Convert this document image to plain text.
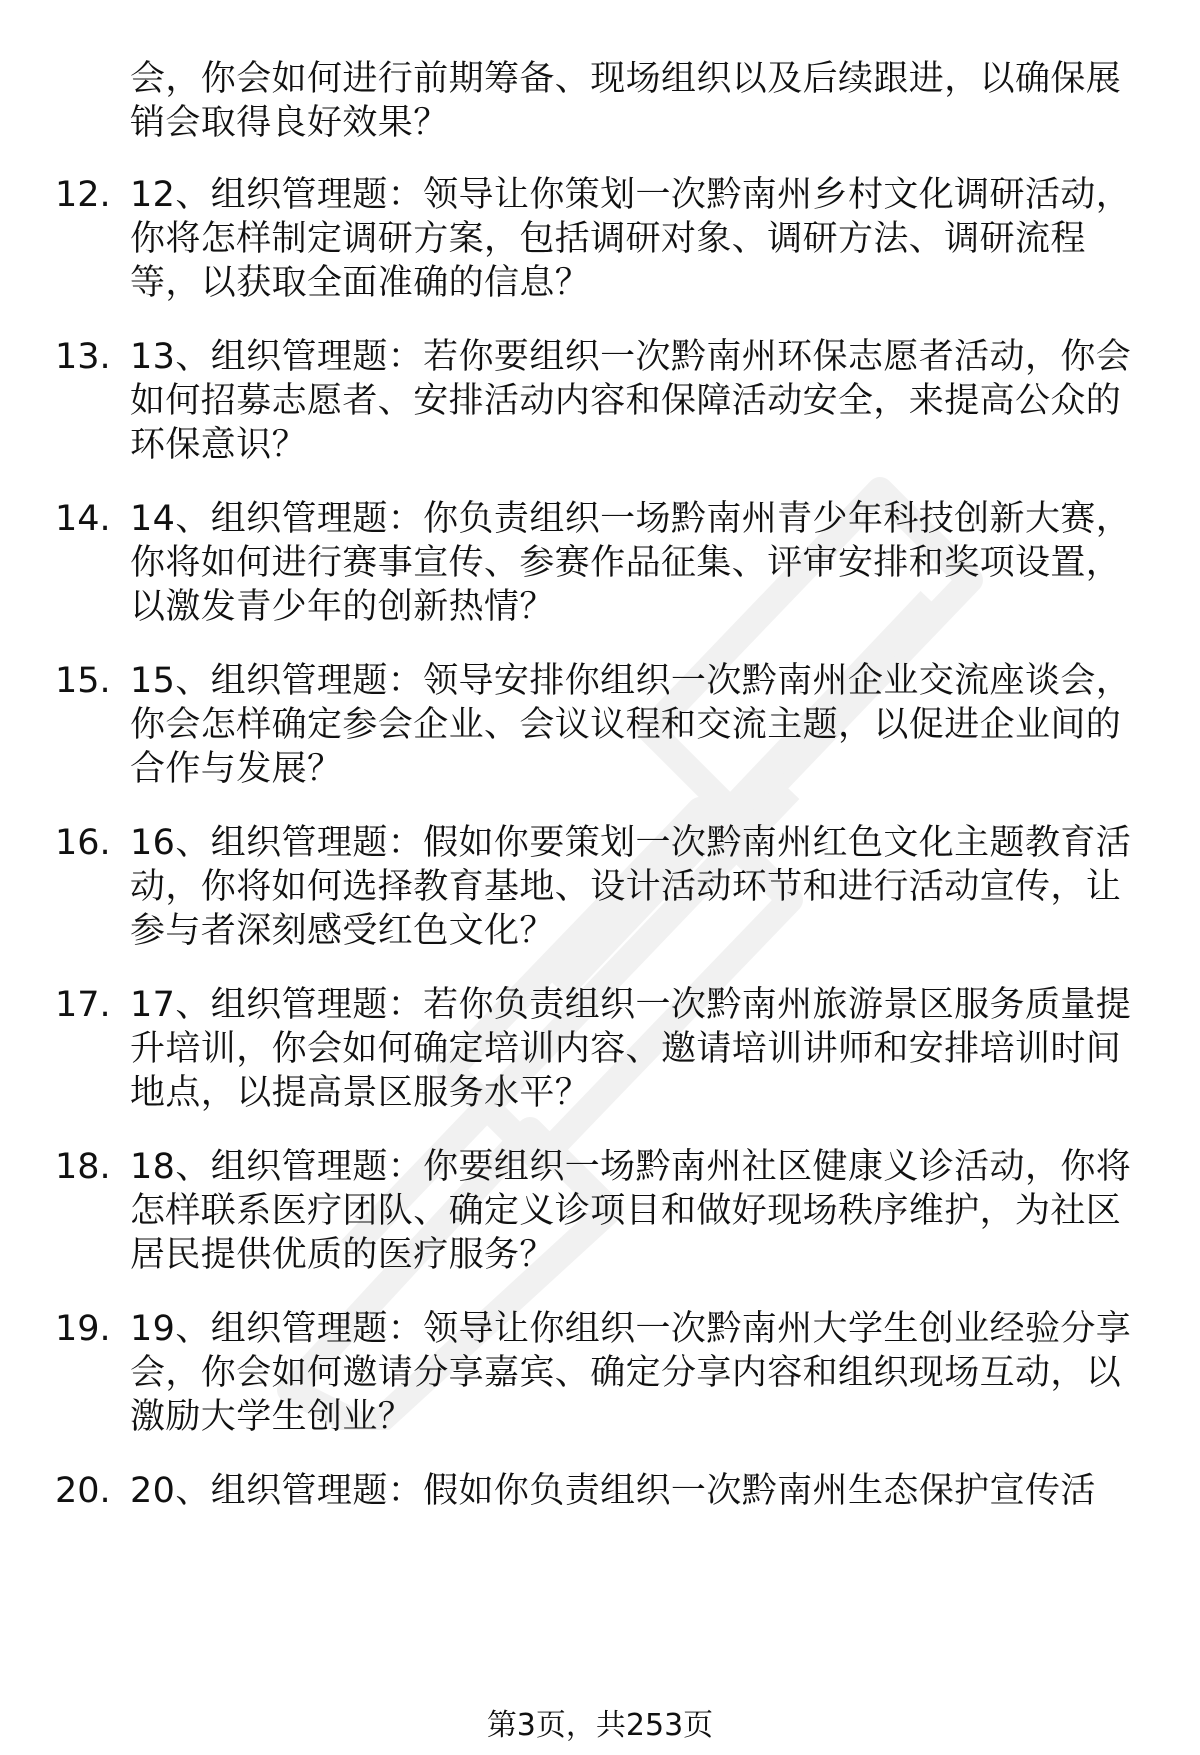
会，你会如何进行前期筹备、现场组织以及后续跟进，以确保展
销会取得良好效果？
12. 12、组织管理题：领导让你策划一次黔南州乡村文化调研活动，
你将怎样制定调研方案，包括调研对象、调研方法、调研流程
等，以获取全面准确的信息？
13. 13、组织管理题：若你要组织一次黔南州环保志愿者活动，你会
如何招募志愿者、安排活动内容和保障活动安全，来提高公众的
环保意识？
14. 14、组织管理题：你负责组织一场黔南州青少年科技创新大赛，
你将如何进行赛事宣传、参赛作品征集、评审安排和奖项设置，
以激发青少年的创新热情？
15. 15、组织管理题：领导安排你组织一次黔南州企业交流座谈会，
你会怎样确定参会企业、会议议程和交流主题，以促进企业间的
合作与发展？
16. 16、组织管理题：假如你要策划一次黔南州红色文化主题教育活
动，你将如何选择教育基地、设计活动环节和进行活动宣传，让
参与者深刻感受红色文化？
17. 17、组织管理题：若你负责组织一次黔南州旅游景区服务质量提
升培训，你会如何确定培训内容、邀请培训讲师和安排培训时间
地点，以提高景区服务水平？
18. 18、组织管理题：你要组织一场黔南州社区健康义诊活动，你将
怎样联系医疗团队、确定义诊项目和做好现场秩序维护，为社区
居民提供优质的医疗服务？
19. 19、组织管理题：领导让你组织一次黔南州大学生创业经验分享
会，你会如何邀请分享嘉宾、确定分享内容和组织现场互动，以
激励大学生创业？
20. 20、组织管理题：假如你负责组织一次黔南州生态保护宣传活
第3页，共253页
